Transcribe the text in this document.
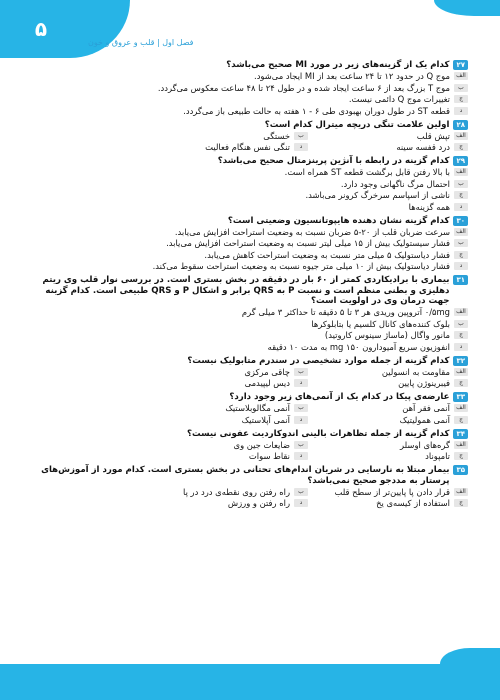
۵
فصل اول | قلب و عروق و خون
۲۷
کدام یک از گزینه‌های زیر در مورد MI صحیح می‌باشد؟
الف
موج Q در حدود ۱۲ تا ۲۴ ساعت بعد از MI ایجاد می‌شود.
ب
موج T بزرگ بعد از ۶ ساعت ایجاد شده و در طول ۲۴ تا ۴۸ ساعت معکوس می‌گردد.
ج
تغییرات موج Q دائمی نیست.
د
قطعه ST در طول دوران بهبودی طی ۶ - ۱ هفته به حالت طبیعی باز می‌گردد.
۲۸
اولین علامت تنگی دریچه میترال کدام است؟
الف
تپش قلب
ب
خستگی
ج
درد قفسه سینه
د
تنگی نفس هنگام فعالیت
۲۹
کدام گزینه در رابطه با آنژین پرینزمتال صحیح می‌باشد؟
الف
با بالا رفتن قابل برگشت قطعه ST همراه است.
ب
احتمال مرگ ناگهانی وجود دارد.
ج
ناشی از اسپاسم سرخرگ کرونر می‌باشد.
د
همه گزینه‌ها
۳۰
کدام گزینه نشان دهنده هایپوتانسیون وضعیتی است؟
الف
سرعت ضربان قلب از ۲۰-۵ ضربان نسبت به وضعیت استراحت افزایش می‌یابد.
ب
فشار سیستولیک بیش از ۱۵ میلی لیتر نسبت به وضعیت استراحت افزایش می‌یابد.
ج
فشار دیاستولیک ۵ میلی متر نسبت به وضعیت استراحت کاهش می‌یابد.
د
فشار دیاستولیک بیش از ۱۰ میلی متر جیوه نسبت به وضعیت استراحت سقوط می‌کند.
۳۱
بیماری با برادیکاردی کمتر از ۶۰ بار در دقیقه در بخش بستری است. در بررسی نوار قلب وی ریتم دهلیزی و بطنی منظم است و نسبت P به QRS برابر و اشکال P و QRS طبیعی است. کدام گزینه جهت درمان وی در اولویت است؟
الف
۰/۵mg آتروپین وریدی هر ۳ تا ۵ دقیقه تا حداکثر ۳ میلی گرم
ب
بلوک کننده‌های کانال کلسیم یا بتابلوکرها
ج
مانور واگال (ماساژ سینوس کاروتید)
د
انفوزیون سریع آمیودارون ۱۵۰ mg به مدت ۱۰ دقیقه
۳۲
کدام گزینه از جمله موارد تشخیصی در سندرم متابولیک نیست؟
الف
مقاومت به انسولین
ب
چاقی مرکزی
ج
فیبرینوژن پایین
د
دیس لیپیدمی
۳۳
عارضه‌ی پیکا در کدام یک از آنمی‌های زیر وجود دارد؟
الف
آنمی فقر آهن
ب
آنمی مگالوبلاستیک
ج
آنمی همولیتیک
د
آنمی آپلاستیک
۳۴
کدام گزینه از جمله تظاهرات بالینی اندوکاردیت عفونی نیست؟
الف
گره‌های اوسلر
ب
ضایعات جین وی
ج
تامپوناد
د
نقاط سوات
۳۵
بیمار مبتلا به نارسایی در شریان اندام‌های تحتانی در بخش بستری است. کدام مورد از آموزش‌های پرستار به مددجو صحیح نمی‌باشد؟
الف
قرار دادن پا پایین‌تر از سطح قلب
ب
راه رفتن روی نقطه‌ی درد در پا
ج
استفاده از کیسه‌ی یخ
د
راه رفتن و ورزش
